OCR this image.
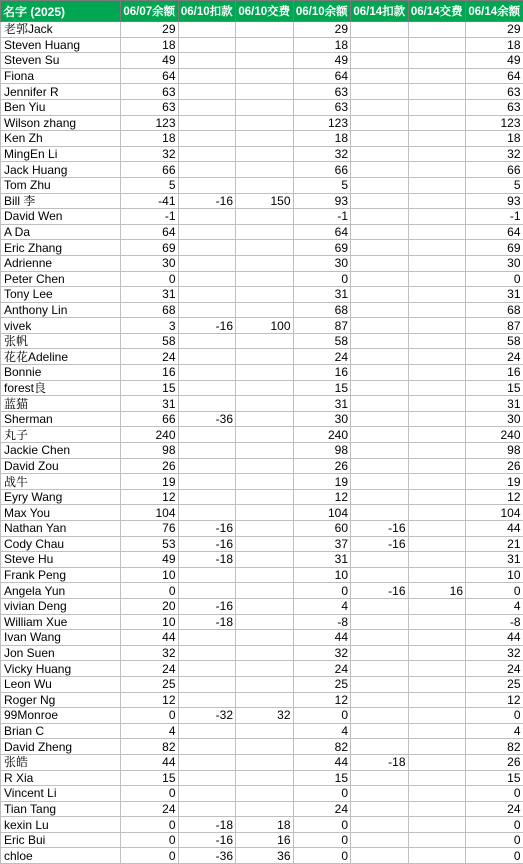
名字 (2025)	06/07余额	06/10扣款	06/10交费	06/10余额	06/14扣款	06/14交费	06/14余额
老郭Jack	29			29			29
Steven Huang	18			18			18
Steven Su	49			49			49
Fiona	64			64			64
Jennifer R	63			63			63
Ben Yiu	63			63			63
Wilson zhang	123			123			123
Ken Zh	18			18			18
MingEn Li	32			32			32
Jack Huang	66			66			66
Tom Zhu	5			5			5
Bill 李	-41	-16	150	93			93
David Wen	-1			-1			-1
A Da	64			64			64
Eric Zhang	69			69			69
Adrienne	30			30			30
Peter Chen	0			0			0
Tony Lee	31			31			31
Anthony Lin	68			68			68
vivek	3	-16	100	87			87
张帆	58			58			58
花花Adeline	24			24			24
Bonnie	16			16			16
forest良	15			15			15
蓝猫	31			31			31
Sherman	66	-36		30			30
丸子	240			240			240
Jackie Chen	98			98			98
David Zou	26			26			26
战牛	19			19			19
Eyry Wang	12			12			12
Max You	104			104			104
Nathan Yan	76	-16		60	-16		44
Cody Chau	53	-16		37	-16		21
Steve Hu	49	-18		31			31
Frank Peng	10			10			10
Angela Yun	0			0	-16	16	0
vivian Deng	20	-16		4			4
William Xue	10	-18		-8			-8
Ivan Wang	44			44			44
Jon Suen	32			32			32
Vicky Huang	24			24			24
Leon Wu	25			25			25
Roger Ng	12			12			12
99Monroe	0	-32	32	0			0
Brian C	4			4			4
David Zheng	82			82			82
张皓	44			44	-18		26
R Xia	15			15			15
Vincent Li	0			0			0
Tian Tang	24			24			24
kexin Lu	0	-18	18	0			0
Eric Bui	0	-16	16	0			0
chloe	0	-36	36	0			0
